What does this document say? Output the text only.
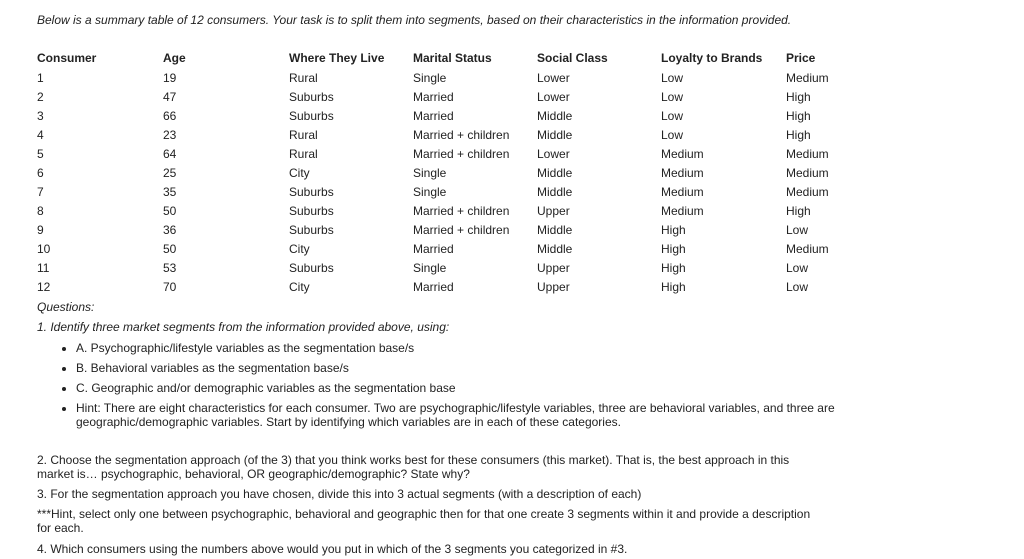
Below is a summary table of 12 consumers. Your task is to split them into segments, based on their characteristics in the information provided.
Consumer	Age	Where They Live	Marital Status	Social Class	Loyalty to Brands	Price
1	19	Rural	Single	Lower	Low	Medium
2	47	Suburbs	Married	Lower	Low	High
3	66	Suburbs	Married	Middle	Low	High
4	23	Rural	Married + children	Middle	Low	High
5	64	Rural	Married + children	Lower	Medium	Medium
6	25	City	Single	Middle	Medium	Medium
7	35	Suburbs	Single	Middle	Medium	Medium
8	50	Suburbs	Married + children	Upper	Medium	High
9	36	Suburbs	Married + children	Middle	High	Low
10	50	City	Married	Middle	High	Medium
11	53	Suburbs	Single	Upper	High	Low
12	70	City	Married	Upper	High	Low
Questions:
1. Identify three market segments from the information provided above, using:
• A. Psychographic/lifestyle variables as the segmentation base/s
• B. Behavioral variables as the segmentation base/s
• C. Geographic and/or demographic variables as the segmentation base
• Hint: There are eight characteristics for each consumer. Two are psychographic/lifestyle variables, three are behavioral variables, and three are geographic/demographic variables. Start by identifying which variables are in each of these categories.
2. Choose the segmentation approach (of the 3) that you think works best for these consumers (this market). That is, the best approach in this market is… psychographic, behavioral, OR geographic/demographic? State why?
3. For the segmentation approach you have chosen, divide this into 3 actual segments (with a description of each)
***Hint, select only one between psychographic, behavioral and geographic then for that one create 3 segments within it and provide a description for each.
4. Which consumers using the numbers above would you put in which of the 3 segments you categorized in #3.
